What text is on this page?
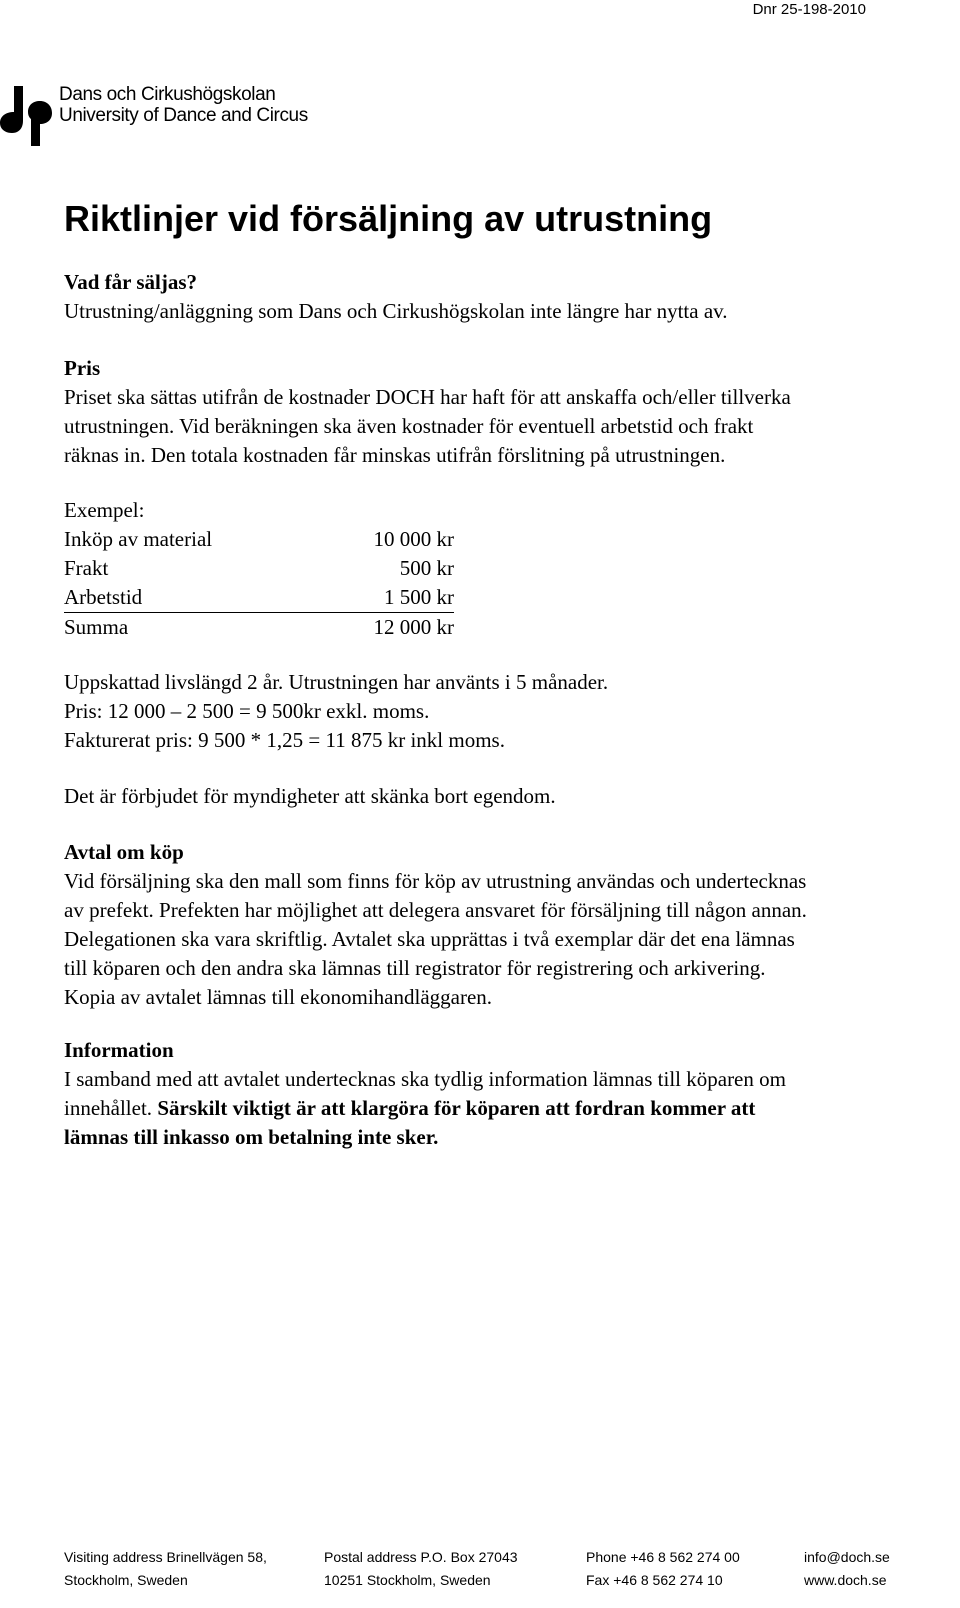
Dnr 25-198-2010
Dans och Cirkushögskolan
University of Dance and Circus
Riktlinjer vid försäljning av utrustning

Vad får säljas?

Utrustning/anläggning som Dans och Cirkushögskolan inte längre har nytta av.

Pris

Priset ska sättas utifrån de kostnader DOCH har haft för att anskaffa och/eller tillverka

utrustningen. Vid beräkningen ska även kostnader för eventuell arbetstid och frakt

räknas in. Den totala kostnaden får minskas utifrån förslitning på utrustningen.

Exempel:

Inköp av material	10 000 kr
Frakt	500 kr
Arbetstid	1 500 kr
Summa	12 000 kr

Uppskattad livslängd 2 år. Utrustningen har använts i 5 månader.

Pris: 12 000 – 2 500 = 9 500kr exkl. moms.

Fakturerat pris: 9 500 * 1,25 = 11 875 kr inkl moms.

Det är förbjudet för myndigheter att skänka bort egendom.

Avtal om köp

Vid försäljning ska den mall som finns för köp av utrustning användas och undertecknas

av prefekt. Prefekten har möjlighet att delegera ansvaret för försäljning till någon annan.

Delegationen ska vara skriftlig. Avtalet ska upprättas i två exemplar där det ena lämnas

till köparen och den andra ska lämnas till registrator för registrering och arkivering.

Kopia av avtalet lämnas till ekonomihandläggaren.

Information

I samband med att avtalet undertecknas ska tydlig information lämnas till köparen om

innehållet. Särskilt viktigt är att klargöra för köparen att fordran kommer att

lämnas till inkasso om betalning inte sker.

Visiting address Brinellvägen 58,
Stockholm, Sweden
Postal address P.O. Box 27043
10251 Stockholm, Sweden
Phone +46 8 562 274 00
Fax +46 8 562 274 10
info@doch.se
www.doch.se
